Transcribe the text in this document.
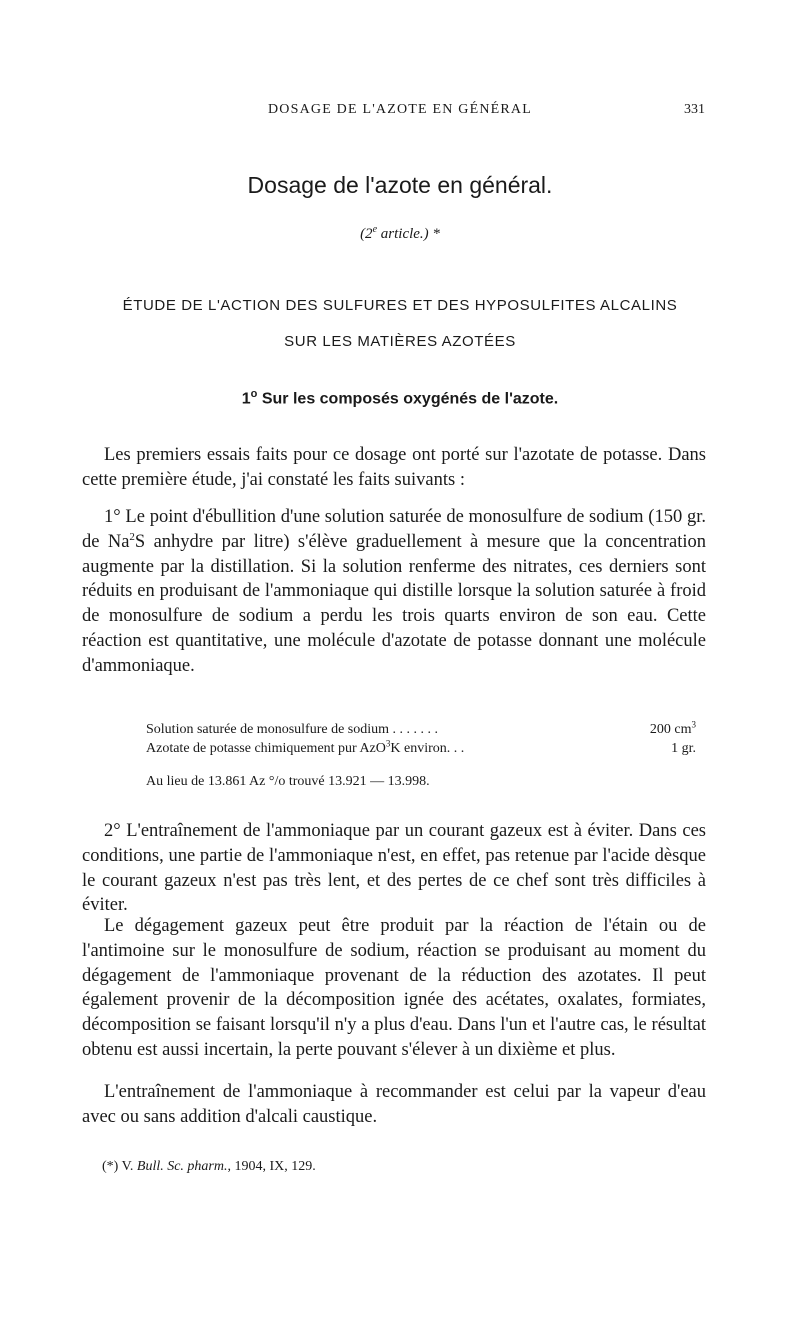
DOSAGE DE L'AZOTE EN GÉNÉRAL	331
Dosage de l'azote en général.
(2e article.) *
ÉTUDE DE L'ACTION DES SULFURES ET DES HYPOSULFITES ALCALINS
SUR LES MATIÈRES AZOTÉES
1$^o$ Sur les composés oxygénés de l'azote.

Les premiers essais faits pour ce dosage ont porté sur l'azotate de potasse. Dans cette première étude, j'ai constaté les faits suivants :

1° Le point d'ébullition d'une solution saturée de monosulfure de sodium (150 gr. de Na$^2$S anhydre par litre) s'élève graduellement à mesure que la concentration augmente par la distillation. Si la solution renferme des nitrates, ces derniers sont réduits en produisant de l'ammoniaque qui distille lorsque la solution saturée à froid de monosulfure de sodium a perdu les trois quarts environ de son eau. Cette réaction est quantitative, une molécule d'azotate de potasse donnant une molécule d'ammoniaque.

Solution saturée de monosulfure de sodium . . . . . . .	200 $cm^3$
Azotate de potasse chimiquement pur AzO$^3$K environ. . .	1 gr.
Au lieu de 13.861 Az °/o trouvé 13.921 — 13.998.

2° L'entraînement de l'ammoniaque par un courant gazeux est à éviter. Dans ces conditions, une partie de l'ammoniaque n'est, en effet, pas retenue par l'acide dèsque le courant gazeux n'est pas très lent, et des pertes de ce chef sont très difficiles à éviter.

Le dégagement gazeux peut être produit par la réaction de l'étain ou de l'antimoine sur le monosulfure de sodium, réaction se produisant au moment du dégagement de l'ammoniaque provenant de la réduction des azotates. Il peut également provenir de la décomposition ignée des acétates, oxalates, formiates, décomposition se faisant lorsqu'il n'y a plus d'eau. Dans l'un et l'autre cas, le résultat obtenu est aussi incertain, la perte pouvant s'élever à un dixième et plus.

L'entraînement de l'ammoniaque à recommander est celui par la vapeur d'eau avec ou sans addition d'alcali caustique.

(*) V. Bull. Sc. pharm., 1904, IX, 129.
